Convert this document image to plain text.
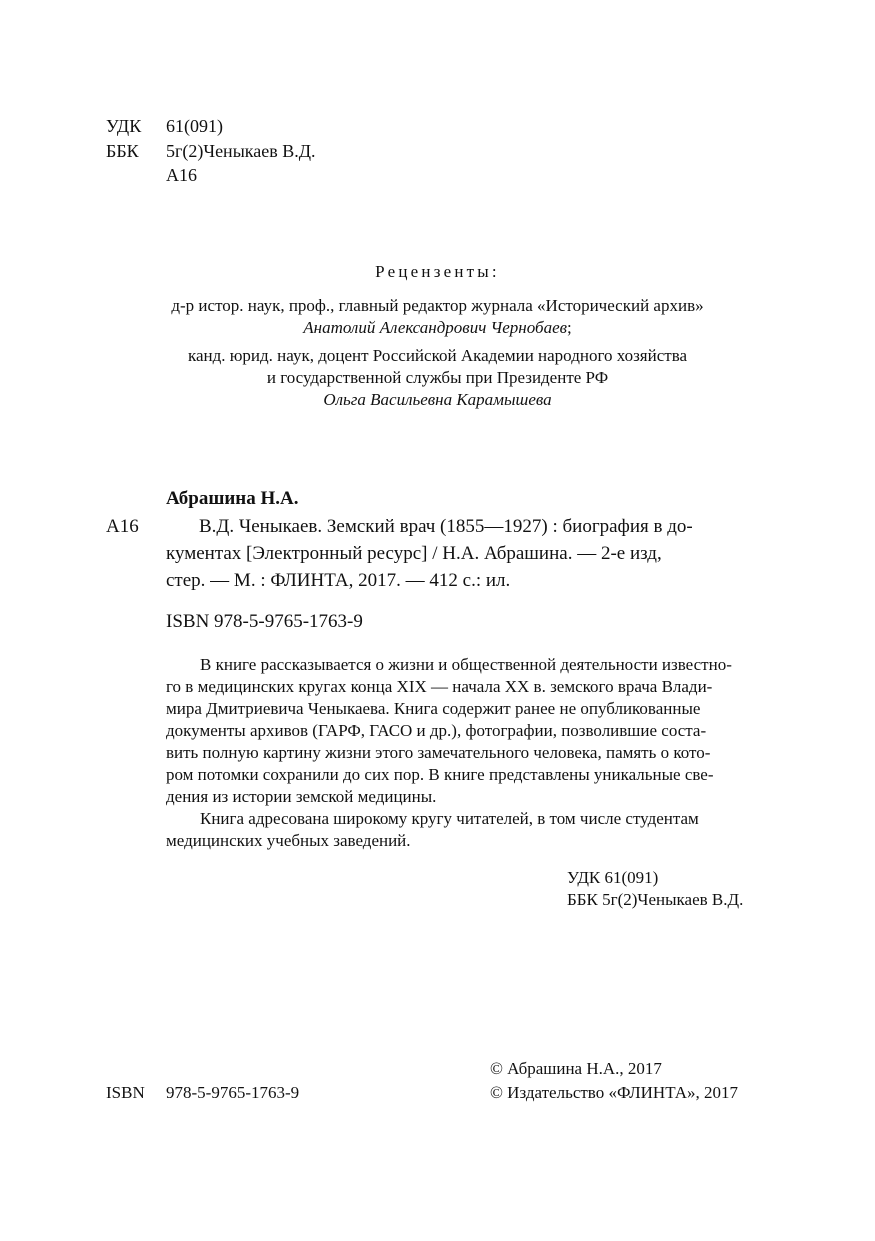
УДК 61(091)
ББК 5г(2)Ченыкаев В.Д.
А16
Рецензенты:
д-р истор. наук, проф., главный редактор журнала «Исторический архив»
Анатолий Александрович Чернобаев;
канд. юрид. наук, доцент Российской Академии народного хозяйства
и государственной службы при Президенте РФ
Ольга Васильевна Карамышева
Абрашина Н.А.
А16	В.Д. Ченыкаев. Земский врач (1855—1927) : биография в до-
кументах [Электронный ресурс] / Н.А. Абрашина. — 2-е изд,
стер. — М. : ФЛИНТА, 2017. — 412 с.: ил.
ISBN 978-5-9765-1763-9
В книге рассказывается о жизни и общественной деятельности известно-
го в медицинских кругах конца XIX — начала XX в. земского врача Влади-
мира Дмитриевича Ченыкаева. Книга содержит ранее не опубликованные
документы архивов (ГАРФ, ГАСО и др.), фотографии, позволившие соста-
вить полную картину жизни этого замечательного человека, память о кото-
ром потомки сохранили до сих пор. В книге представлены уникальные све-
дения из истории земской медицины.
Книга адресована широкому кругу читателей, в том числе студентам
медицинских учебных заведений.
УДК 61(091)
ББК 5г(2)Ченыкаев В.Д.
ISBN 978-5-9765-1763-9
© Абрашина Н.А., 2017
© Издательство «ФЛИНТА», 2017
